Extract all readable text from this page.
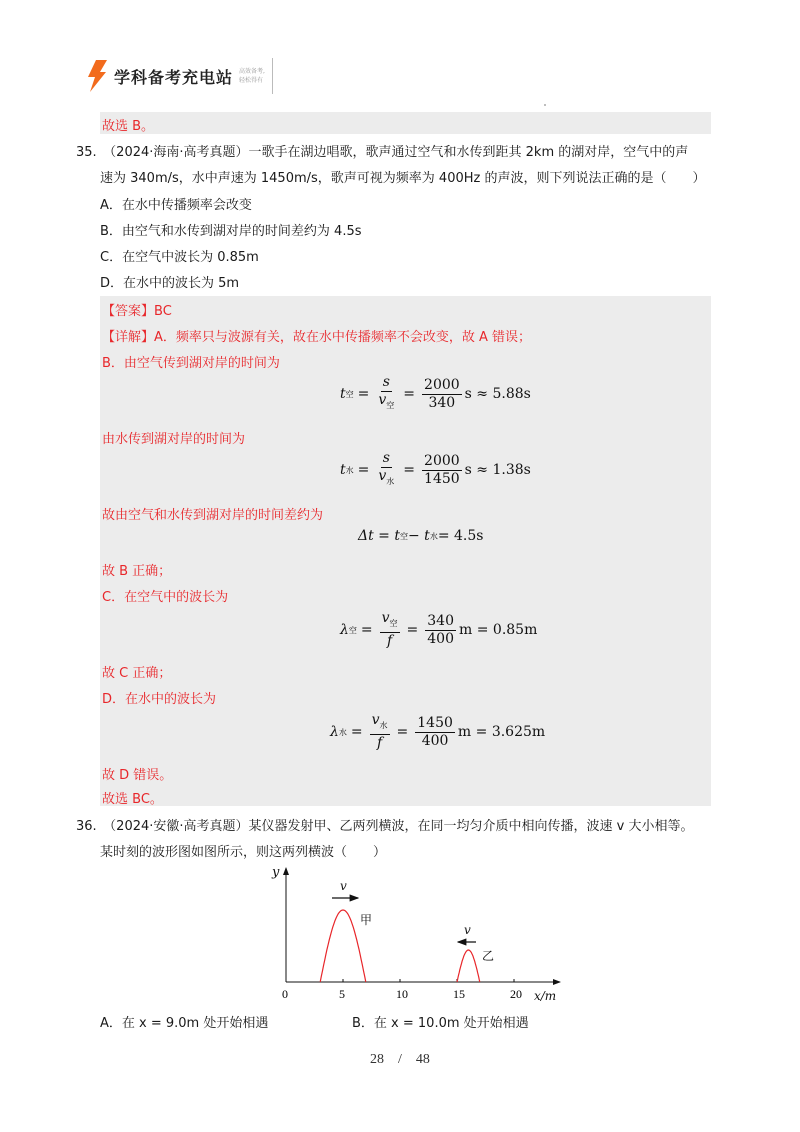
学科备考充电站 高效备考,
轻松得有
故选 B。
35.　（2024·海南·高考真题）一歌手在湖边唱歌，歌声通过空气和水传到距其 2km 的湖对岸，空气中的声
速为 340m/s，水中声速为 1450m/s，歌声可视为频率为 400Hz 的声波，则下列说法正确的是（　　）
A．在水中传播频率会改变
B．由空气和水传到湖对岸的时间差约为 4.5s
C．在空气中波长为 0.85m
D．在水中的波长为 5m
【答案】BC
【详解】A．频率只与波源有关，故在水中传播频率不会改变，故 A 错误；
B．由空气传到湖对岸的时间为
t 空 = $\frac{s}{v_空} = \frac{2000}{340}$ s ≈ 5.88s
由水传到湖对岸的时间为
t 水 = $\frac{s}{v_水} = \frac{2000}{1450}$ s ≈ 1.38s
故由空气和水传到湖对岸的时间差约为
Δt = t 空 − t 水 = 4.5s
故 B 正确；
C．在空气中的波长为
λ 空 = $\frac{v_空}{f} = \frac{340}{400}$ m = 0.85m
故 C 正确；
D．在水中的波长为
λ 水 = $\frac{v_水}{f} = \frac{1450}{400}$ m = 3.625m
故 D 错误。
故选 BC。
36.　（2024·安徽·高考真题）某仪器发射甲、乙两列横波，在同一均匀介质中相向传播，波速 v 大小相等。
某时刻的波形图如图所示，则这两列横波（　　）
y
x/m
0	5	10	15	20
v
甲
v
乙
A．在 x = 9.0m 处开始相遇	B．在 x = 10.0m 处开始相遇
28　/　48
